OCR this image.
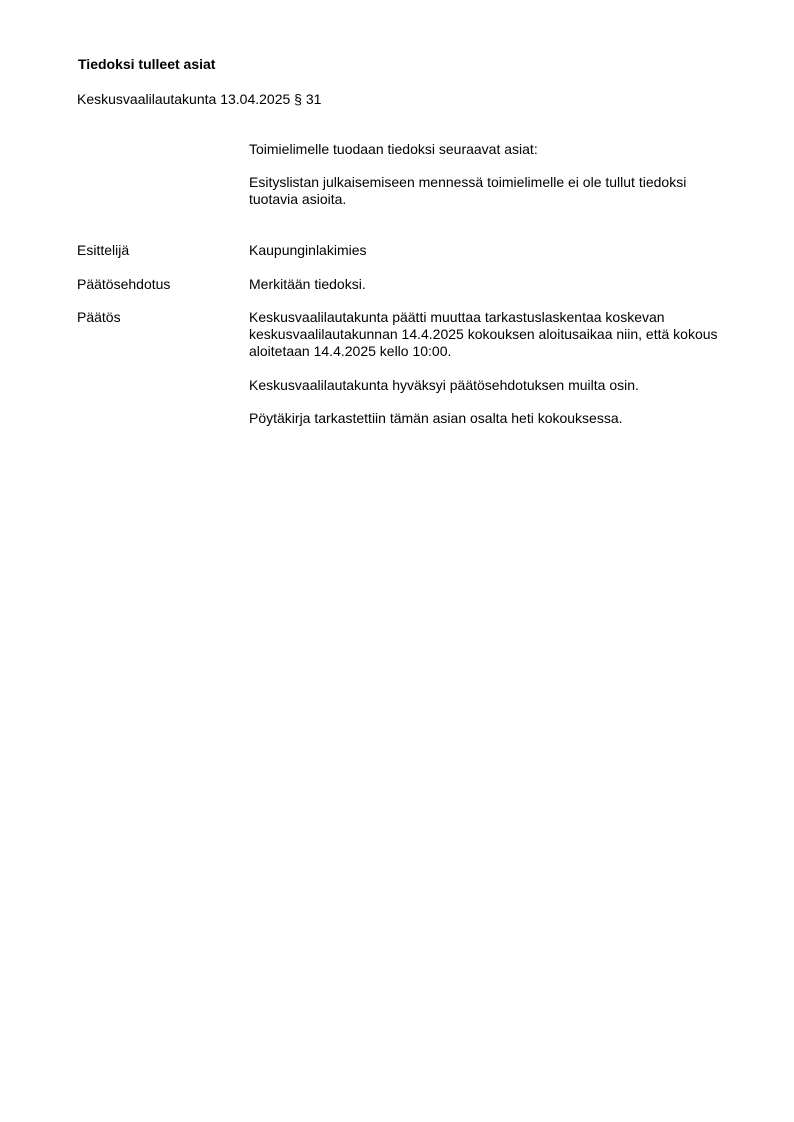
Tiedoksi tulleet asiat
Keskusvaalilautakunta 13.04.2025 § 31
Toimielimelle tuodaan tiedoksi seuraavat asiat:
Esityslistan julkaisemiseen mennessä toimielimelle ei ole tullut tiedoksi tuotavia asioita.
Esittelijä	Kaupunginlakimies
Päätösehdotus	Merkitään tiedoksi.
Päätös	Keskusvaalilautakunta päätti muuttaa tarkastuslaskentaa koskevan keskusvaalilautakunnan 14.4.2025 kokouksen aloitusaikaa niin, että kokous aloitetaan 14.4.2025 kello 10:00.
Keskusvaalilautakunta hyväksyi päätösehdotuksen muilta osin.
Pöytäkirja tarkastettiin tämän asian osalta heti kokouksessa.
